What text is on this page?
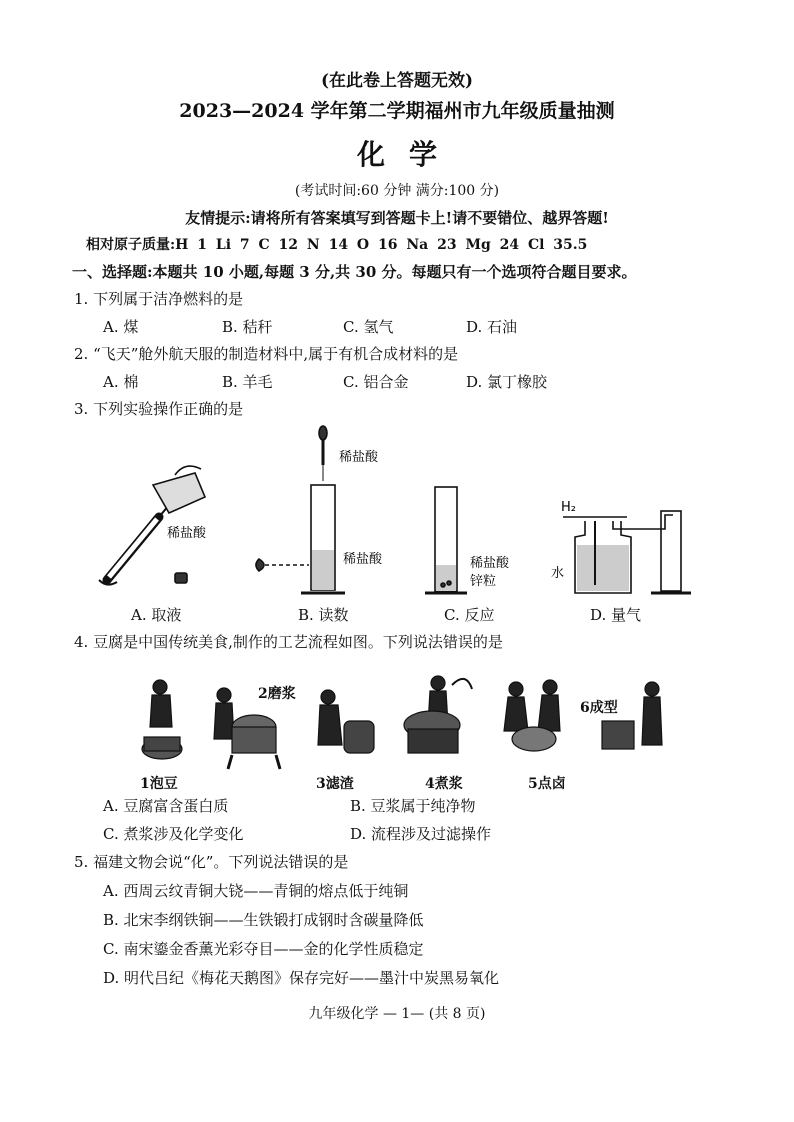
(在此卷上答题无效)
2023—2024 学年第二学期福州市九年级质量抽测
化学
(考试时间:60 分钟 满分:100 分)
友情提示:请将所有答案填写到答题卡上!请不要错位、越界答题!
相对原子质量:H 1 Li 7 C 12 N 14 O 16 Na 23 Mg 24 Cl 35.5
一、选择题:本题共 10 小题,每题 3 分,共 30 分。每题只有一个选项符合题目要求。
1. 下列属于洁净燃料的是
A. 煤	B. 秸秆	C. 氢气	D. 石油
2. “飞天”舱外航天服的制造材料中,属于有机合成材料的是
A. 棉	B. 羊毛	C. 铝合金	D. 氯丁橡胶
3. 下列实验操作正确的是
稀盐酸
稀盐酸
稀盐酸	稀盐酸
锌粒
H₂
水
A. 取液	B. 读数	C. 反应	D. 量气
4. 豆腐是中国传统美食,制作的工艺流程如图。下列说法错误的是
1泡豆
2磨浆
3滤渣	4煮浆	5点卤
6成型
A. 豆腐富含蛋白质	B. 豆浆属于纯净物
C. 煮浆涉及化学变化	D. 流程涉及过滤操作
5. 福建文物会说“化”。下列说法错误的是
A. 西周云纹青铜大铙——青铜的熔点低于纯铜
B. 北宋李纲铁锏——生铁锻打成钢时含碳量降低
C. 南宋鎏金香薰光彩夺目——金的化学性质稳定
D. 明代吕纪《梅花天鹅图》保存完好——墨汁中炭黑易氧化
九年级化学 — 1— (共 8 页)
